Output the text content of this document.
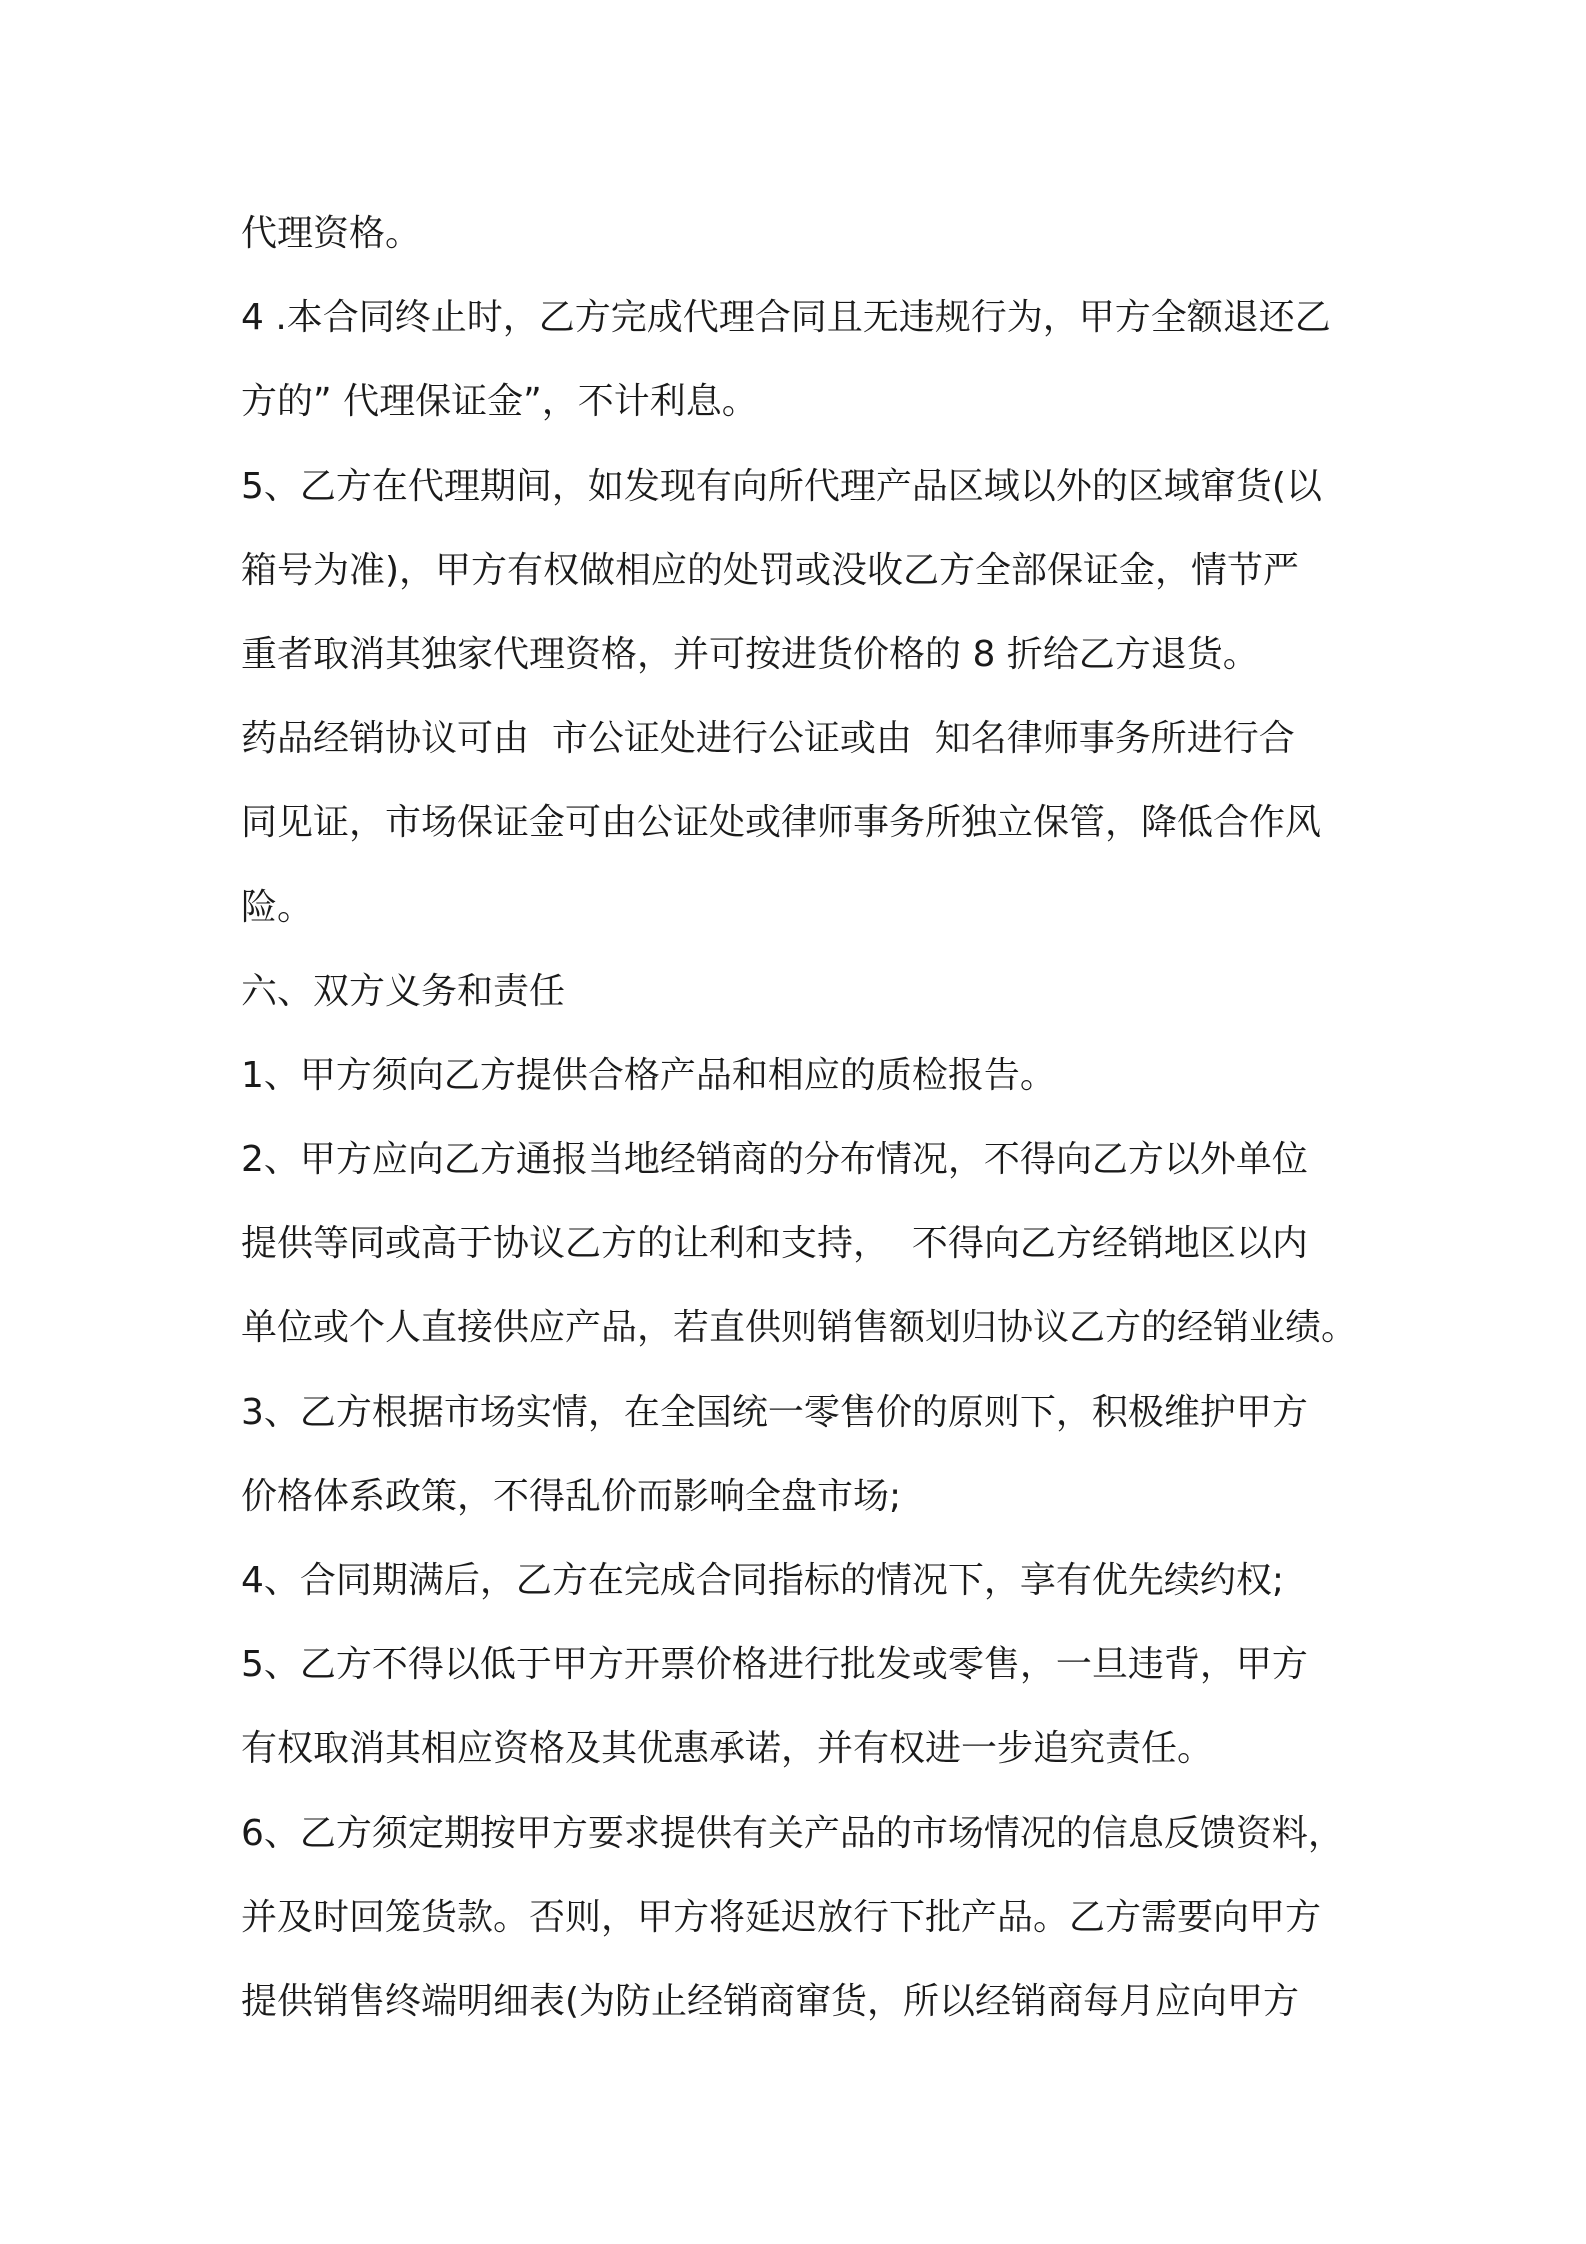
代理资格。
4 .本合同终止时，乙方完成代理合同且无违规行为，甲方全额退还乙
方的” 代理保证金”，不计利息。
5、乙方在代理期间，如发现有向所代理产品区域以外的区域窜货(以
箱号为准)，甲方有权做相应的处罚或没收乙方全部保证金，情节严
重者取消其独家代理资格，并可按进货价格的 8 折给乙方退货。
药品经销协议可由  市公证处进行公证或由  知名律师事务所进行合
同见证，市场保证金可由公证处或律师事务所独立保管，降低合作风
险。
六、双方义务和责任
1、甲方须向乙方提供合格产品和相应的质检报告。
2、甲方应向乙方通报当地经销商的分布情况，不得向乙方以外单位
提供等同或高于协议乙方的让利和支持，  不得向乙方经销地区以内
单位或个人直接供应产品，若直供则销售额划归协议乙方的经销业绩。
3、乙方根据市场实情，在全国统一零售价的原则下，积极维护甲方
价格体系政策，不得乱价而影响全盘市场;
4、合同期满后，乙方在完成合同指标的情况下，享有优先续约权;
5、乙方不得以低于甲方开票价格进行批发或零售，一旦违背，甲方
有权取消其相应资格及其优惠承诺，并有权进一步追究责任。
6、乙方须定期按甲方要求提供有关产品的市场情况的信息反馈资料，
并及时回笼货款。否则，甲方将延迟放行下批产品。乙方需要向甲方
提供销售终端明细表(为防止经销商窜货，所以经销商每月应向甲方
